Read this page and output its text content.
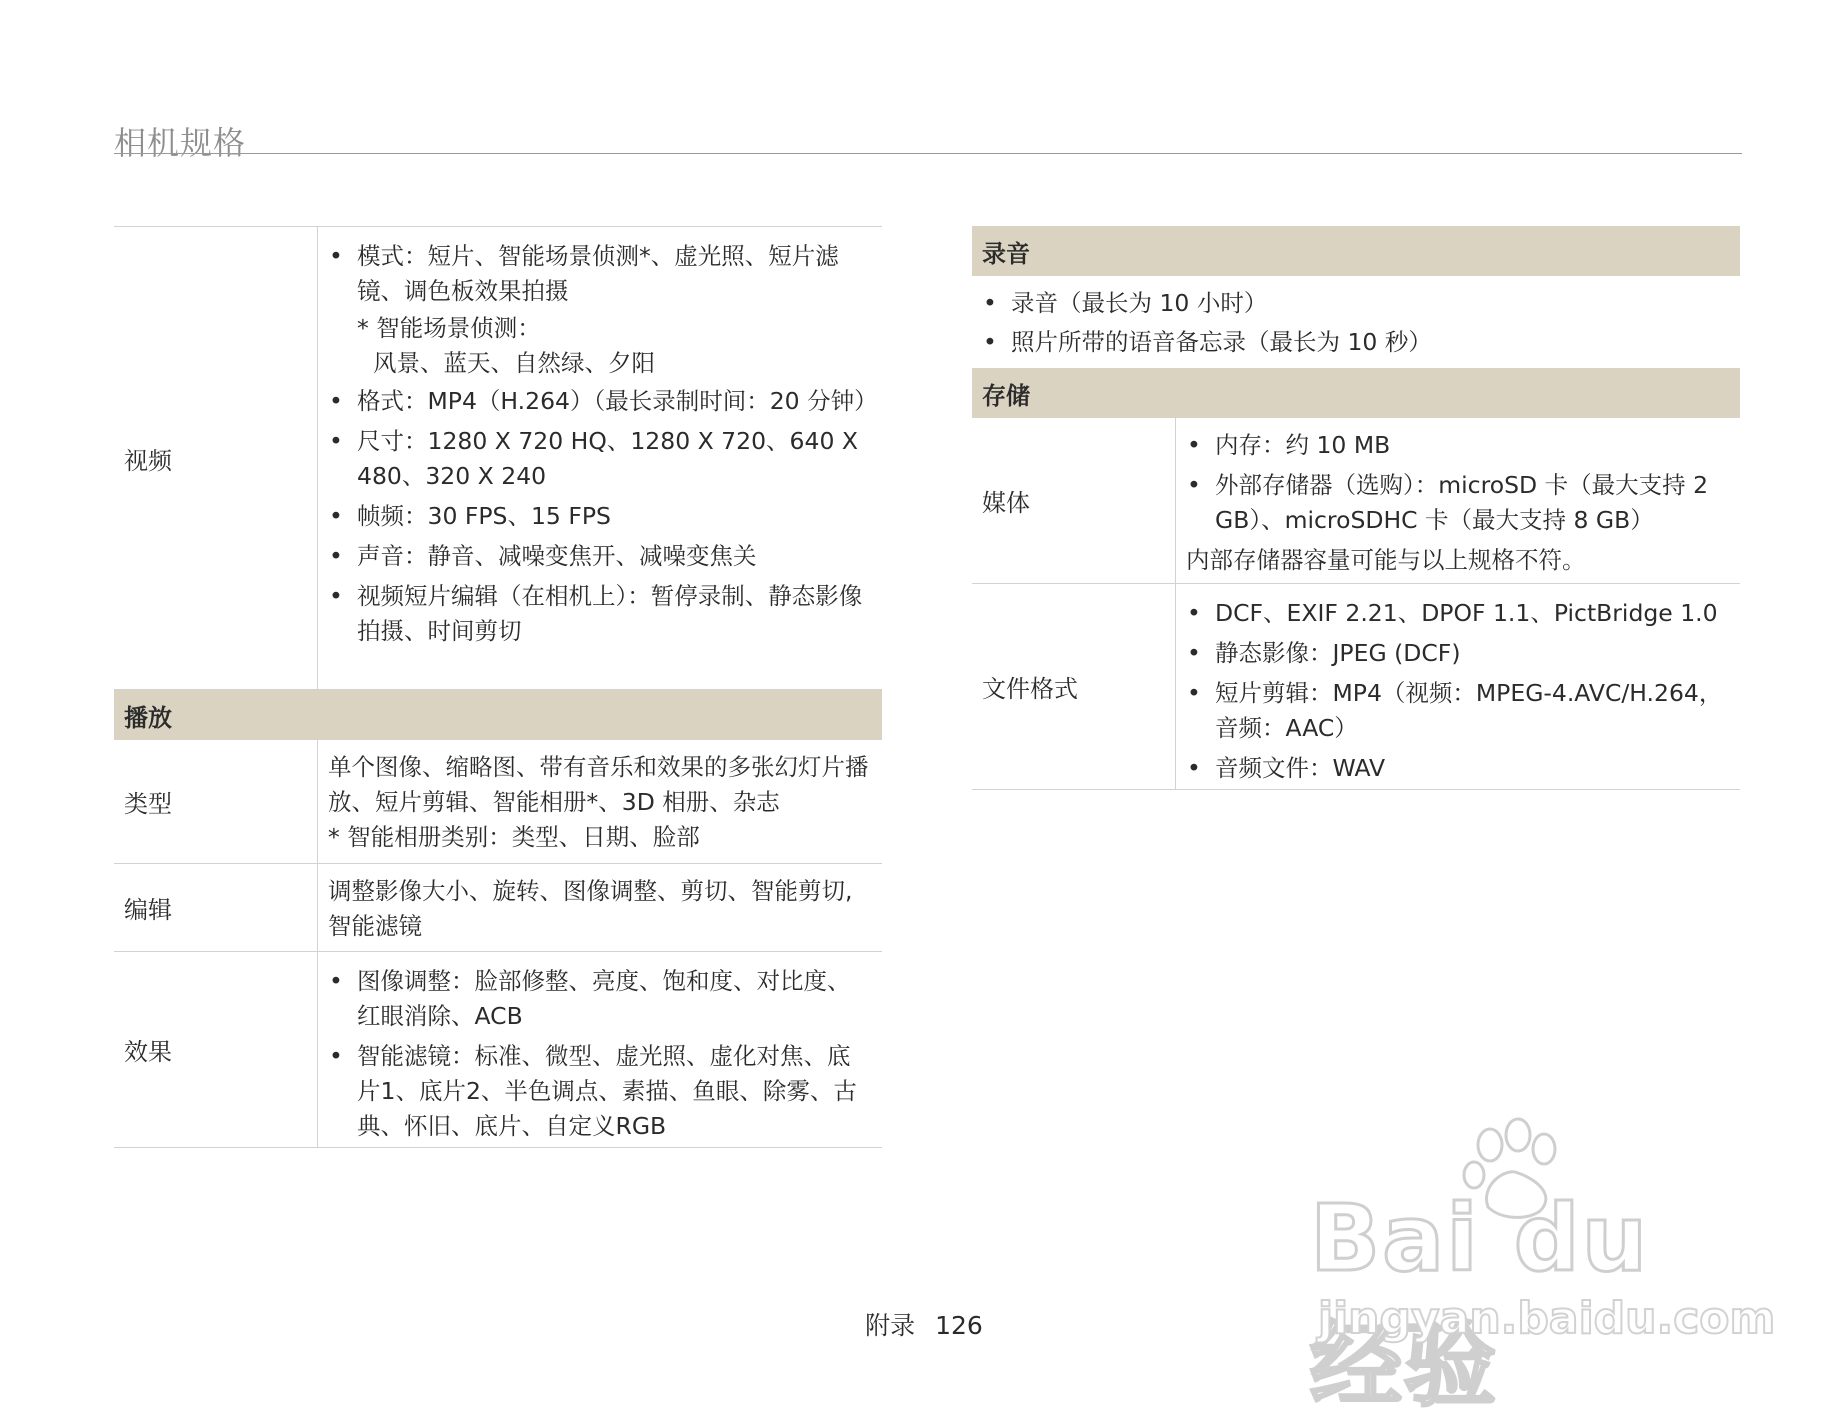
相机规格
视频
• 模式：短片、智能场景侦测*、虚光照、短片滤镜、调色板效果拍摄
* 智能场景侦测：
风景、蓝天、自然绿、夕阳
• 格式：MP4（H.264）（最长录制时间：20 分钟）
• 尺寸：1280 X 720 HQ、1280 X 720、640 X 480、320 X 240
• 帧频：30 FPS、15 FPS
• 声音：静音、减噪变焦开、减噪变焦关
• 视频短片编辑（在相机上）：暂停录制、静态影像拍摄、时间剪切
播放
类型
单个图像、缩略图、带有音乐和效果的多张幻灯片播放、短片剪辑、智能相册*、3D 相册、杂志
* 智能相册类别：类型、日期、脸部
编辑
调整影像大小、旋转、图像调整、剪切、智能剪切, 智能滤镜
效果
• 图像调整：脸部修整、亮度、饱和度、对比度、红眼消除、ACB
• 智能滤镜：标准、微型、虚光照、虚化对焦、底片1、底片2、半色调点、素描、鱼眼、除雾、古典、怀旧、底片、自定义RGB
录音
• 录音（最长为 10 小时）
• 照片所带的语音备忘录（最长为 10 秒）
存储
媒体
• 内存：约 10 MB
• 外部存储器（选购）：microSD 卡（最大支持 2 GB）、microSDHC 卡（最大支持 8 GB）
内部存储器容量可能与以上规格不符。
文件格式
• DCF、EXIF 2.21、DPOF 1.1、PictBridge 1.0
• 静态影像：JPEG (DCF)
• 短片剪辑：MP4（视频：MPEG-4.AVC/H.264，音频：AAC）
• 音频文件：WAV
附录 126
Bai du 经验
jingyan.baidu.com
